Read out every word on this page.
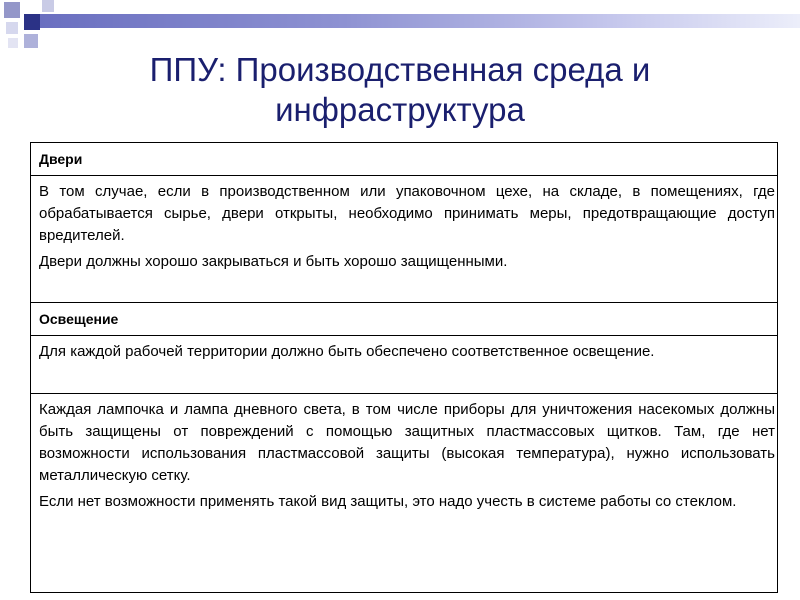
ППУ: Производственная среда и
инфраструктура
Двери

В том случае, если в производственном или упаковочном цехе, на складе, в помещениях, где обрабатывается сырье, двери открыты, необходимо принимать меры, предотвращающие доступ вредителей.

Двери должны хорошо закрываться и быть хорошо защищенными.

Освещение

Для каждой рабочей территории должно быть обеспечено соответственное освещение.

Каждая лампочка и лампа дневного света, в том числе приборы для уничтожения насекомых должны быть защищены от повреждений с помощью защитных пластмассовых щитков. Там, где нет возможности использования пластмассовой защиты (высокая температура), нужно использовать металлическую сетку.

Если нет возможности применять такой вид защиты, это надо учесть в системе работы со стеклом.
